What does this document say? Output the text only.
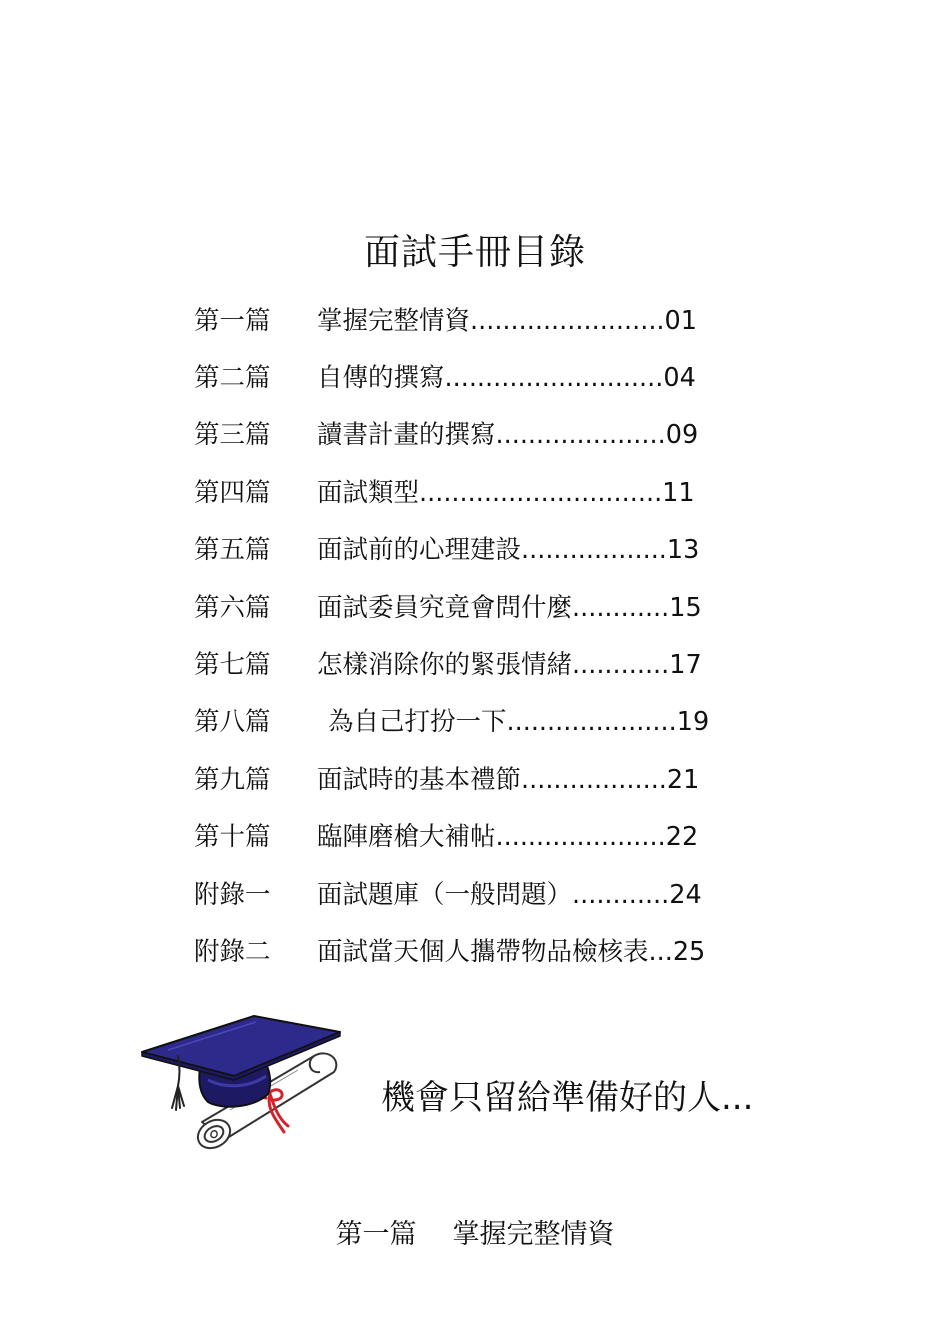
面試手冊目錄
第一篇	掌握完整情資........................01
第二篇	自傳的撰寫...........................04
第三篇	讀書計畫的撰寫.....................09
第四篇	面試類型..............................11
第五篇	面試前的心理建設..................13
第六篇	面試委員究竟會問什麼............15
第七篇	怎樣消除你的緊張情緒............17
第八篇	為自己打扮一下.....................19
第九篇	面試時的基本禮節..................21
第十篇	臨陣磨槍大補帖.....................22
附錄一	面試題庫（一般問題）............24
附錄二	面試當天個人攜帶物品檢核表...25
機會只留給準備好的人...
第一篇 掌握完整情資
